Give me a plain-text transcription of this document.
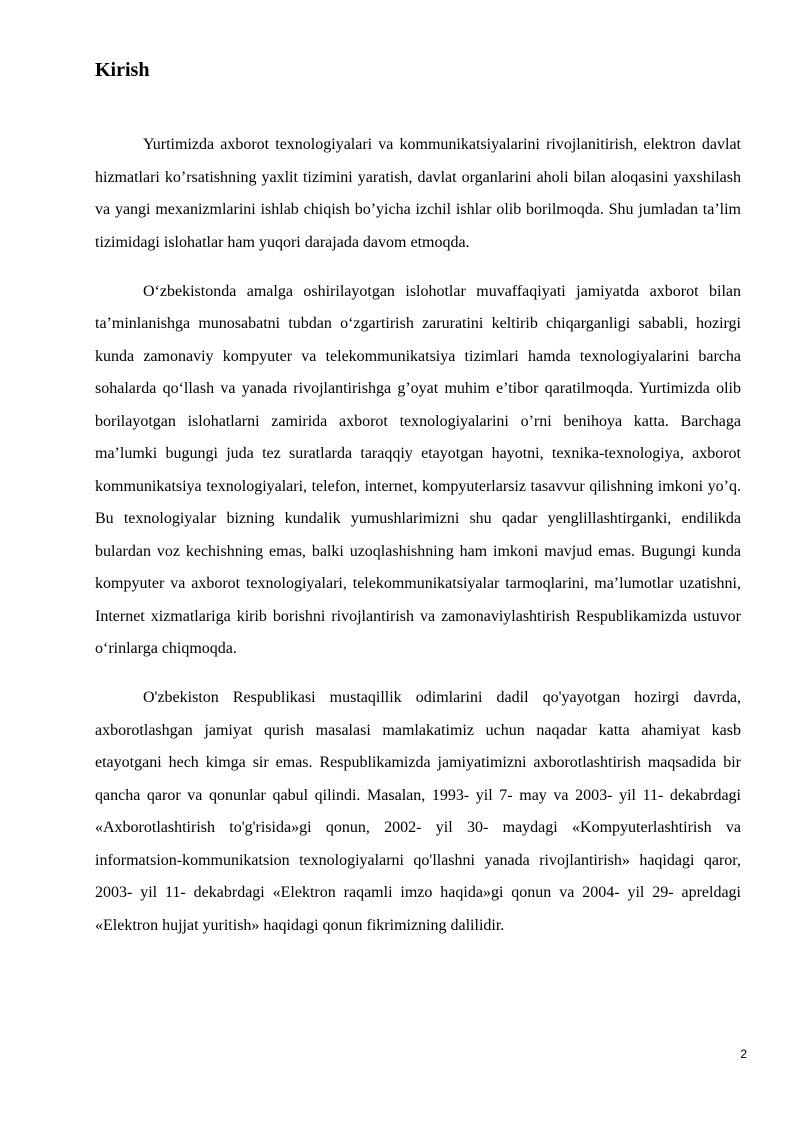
Kirish

Yurtimizda axborot texnologiyalari va kommunikatsiyalarini rivojlanitirish, elektron davlat hizmatlari ko’rsatishning yaxlit tizimini yaratish, davlat organlarini aholi bilan aloqasini yaxshilash va yangi mexanizmlarini ishlab chiqish bo’yicha izchil ishlar olib borilmoqda. Shu jumladan ta’lim tizimidagi islohatlar ham yuqori darajada davom etmoqda.

O‘zbekistonda amalga oshirilayotgan islohotlar muvaffaqiyati jamiyatda axborot bilan ta’minlanishga munosabatni tubdan o‘zgartirish zaruratini keltirib chiqarganligi sababli, hozirgi kunda zamonaviy kompyuter va telekommunikatsiya tizimlari hamda texnologiyalarini barcha sohalarda qo‘llash va yanada rivojlantirishga g’oyat muhim e’tibor qaratilmoqda. Yurtimizda olib borilayotgan islohatlarni zamirida axborot texnologiyalarini o’rni benihoya katta. Barchaga ma’lumki bugungi juda tez suratlarda taraqqiy etayotgan hayotni, texnika-texnologiya, axborot kommunikatsiya texnologiyalari, telefon, internet, kompyuterlarsiz tasavvur qilishning imkoni yo’q. Bu texnologiyalar bizning kundalik yumushlarimizni shu qadar yenglillashtirganki, endilikda bulardan voz kechishning emas, balki uzoqlashishning ham imkoni mavjud emas. Bugungi kunda kompyuter va axborot texnologiyalari, telekommunikatsiyalar tarmoqlarini, ma’lumotlar uzatishni, Internet xizmatlariga kirib borishni rivojlantirish va zamonaviylashtirish Respublikamizda ustuvor o‘rinlarga chiqmoqda.

O'zbekiston Respublikasi mustaqillik odimlarini dadil qo'yayotgan hozirgi davrda, axborotlashgan jamiyat qurish masalasi mamlakatimiz uchun naqadar katta ahamiyat kasb etayotgani hech kimga sir emas. Respublikamizda jamiyatimizni axborotlashtirish maqsadida bir qancha qaror va qonunlar qabul qilindi. Masalan, 1993- yil 7- may va 2003- yil 11- dekabrdagi «Axborotlashtirish to'g'risida»gi qonun, 2002- yil 30- maydagi «Kompyuterlashtirish va informatsion-kommunikatsion texnologiyalarni qo'llashni yanada rivojlantirish» haqidagi qaror, 2003- yil 11- dekabrdagi «Elektron raqamli imzo haqida»gi qonun va 2004- yil 29- apreldagi «Elektron hujjat yuritish» haqidagi qonun fikrimizning dalilidir.

2
